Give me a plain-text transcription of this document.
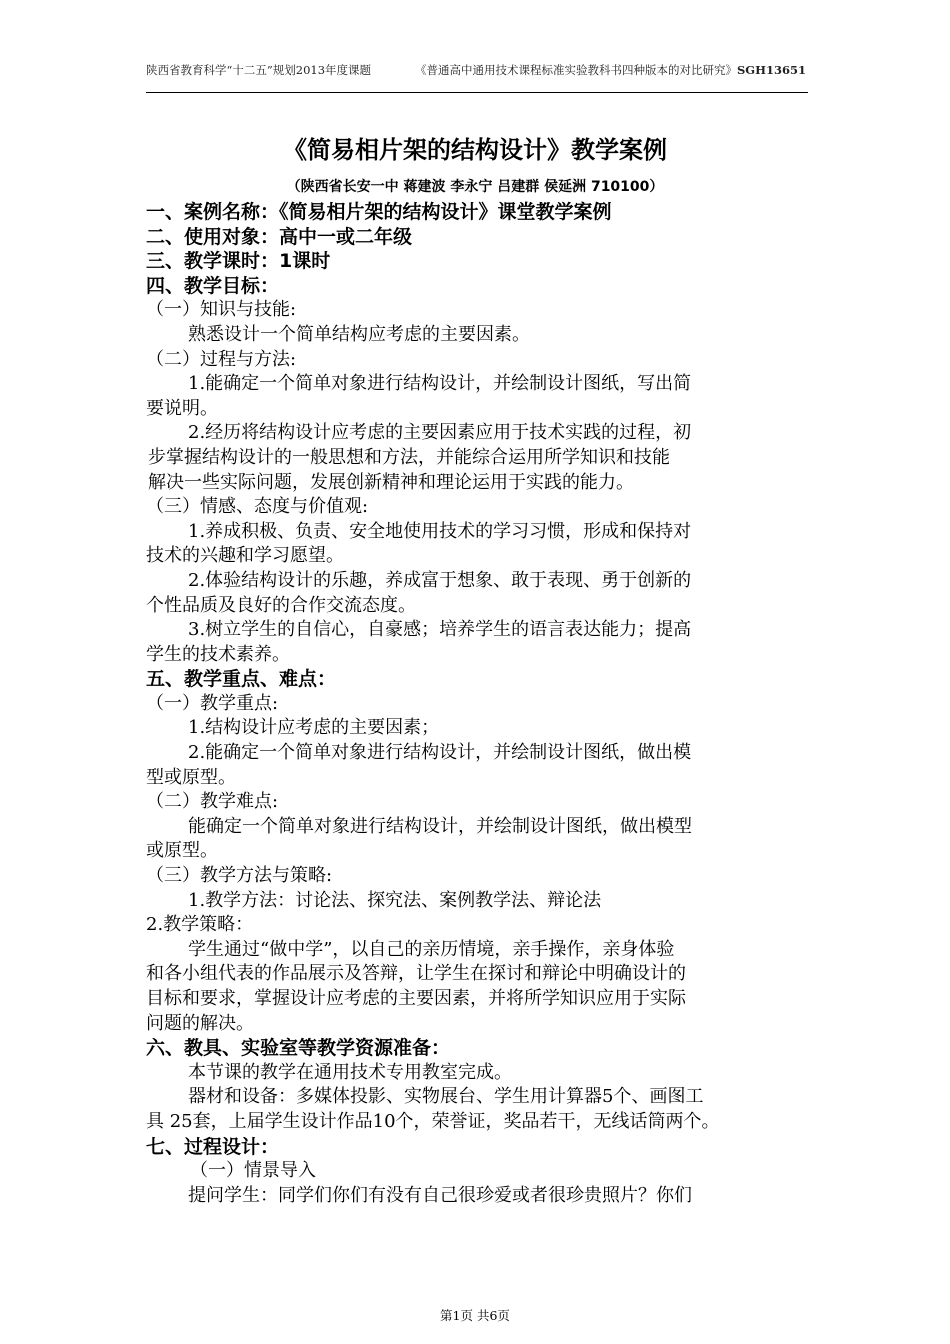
陕西省教育科学“十二五”规划2013年度课题	《普通高中通用技术课程标准实验教科书四种版本的对比研究》SGH13651
《简易相片架的结构设计》教学案例
（陕西省长安一中 蒋建波 李永宁 吕建群 侯延洲 710100）
一、案例名称：《简易相片架的结构设计》课堂教学案例
二、使用对象：高中一或二年级
三、教学课时：1课时
四、教学目标：
（一）知识与技能:
熟悉设计一个简单结构应考虑的主要因素。
（二）过程与方法:
1.能确定一个简单对象进行结构设计，并绘制设计图纸，写出简
要说明。
2.经历将结构设计应考虑的主要因素应用于技术实践的过程，初
步掌握结构设计的一般思想和方法，并能综合运用所学知识和技能
解决一些实际问题，发展创新精神和理论运用于实践的能力。
（三）情感、态度与价值观:
1.养成积极、负责、安全地使用技术的学习习惯，形成和保持对
技术的兴趣和学习愿望。
2.体验结构设计的乐趣，养成富于想象、敢于表现、勇于创新的
个性品质及良好的合作交流态度。
3.树立学生的自信心，自豪感；培养学生的语言表达能力；提高
学生的技术素养。
五、教学重点、难点：
（一）教学重点:
1.结构设计应考虑的主要因素；
2.能确定一个简单对象进行结构设计，并绘制设计图纸，做出模
型或原型。
（二）教学难点:
能确定一个简单对象进行结构设计，并绘制设计图纸，做出模型
或原型。
（三）教学方法与策略:
1.教学方法：讨论法、探究法、案例教学法、辩论法
2.教学策略：
学生通过“做中学”，以自己的亲历情境，亲手操作，亲身体验
和各小组代表的作品展示及答辩，让学生在探讨和辩论中明确设计的
目标和要求，掌握设计应考虑的主要因素，并将所学知识应用于实际
问题的解决。
六、教具、实验室等教学资源准备：
本节课的教学在通用技术专用教室完成。
器材和设备：多媒体投影、实物展台、学生用计算器5个、画图工
具 25套，上届学生设计作品10个，荣誉证，奖品若干，无线话筒两个。
七、过程设计：
（一）情景导入
提问学生：同学们你们有没有自己很珍爱或者很珍贵照片？你们
第1页 共6页
